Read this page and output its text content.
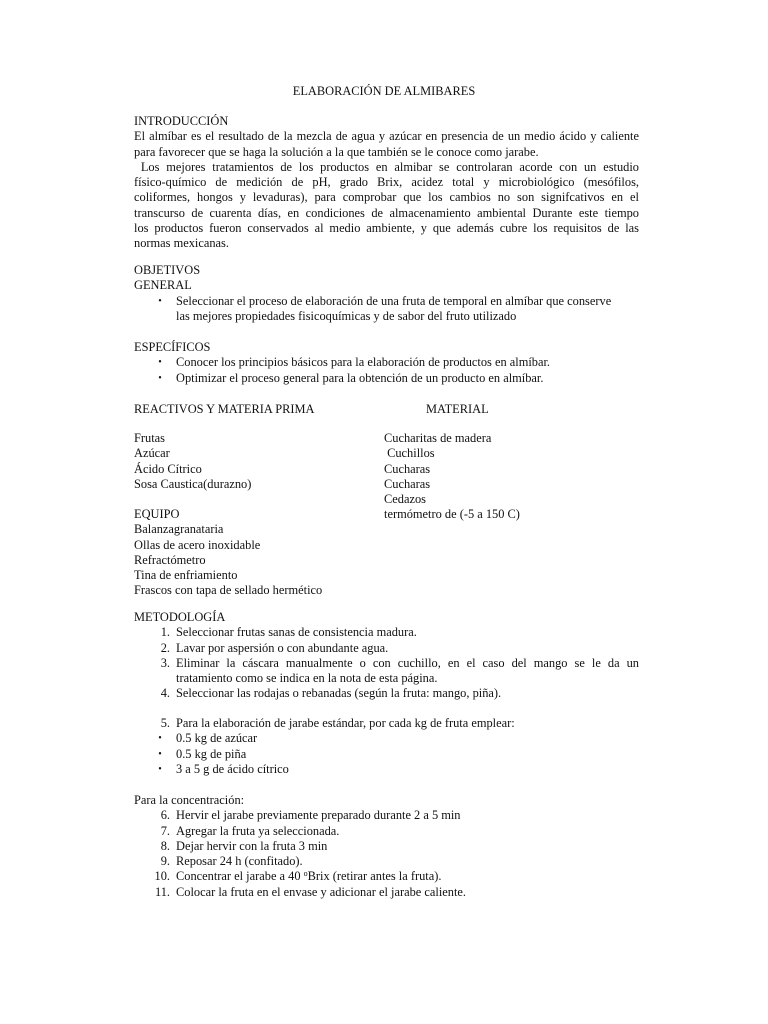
ELABORACIÓN DE ALMIBARES
INTRODUCCIÓN
El almíbar es el resultado de la mezcla de agua y azúcar en presencia de un medio ácido y caliente para favorecer que se haga la solución a la que también se le conoce como jarabe.
Los mejores tratamientos de los productos en almibar se controlaran acorde con un estudio
físico-químico de medición de pH, grado Brix, acidez total y microbiológico (mesófilos,
coliformes, hongos y levaduras), para comprobar que los cambios no son signifcativos en el
transcurso de cuarenta días, en condiciones de almacenamiento ambiental Durante este tiempo
los productos fueron conservados al medio ambiente, y que además cubre los requisitos de las
normas mexicanas.
OBJETIVOS
GENERAL
• Seleccionar el proceso de elaboración de una fruta de temporal en almíbar que conserve
las mejores propiedades fisicoquímicas y de sabor del fruto utilizado
ESPECÍFICOS
• Conocer los principios básicos para la elaboración de productos en almíbar.
• Optimizar el proceso general para la obtención de un producto en almíbar.
REACTIVOS Y MATERIA PRIMA	MATERIAL
Frutas
Azúcar
Ácido Cítrico
Sosa Caustica(durazno)
Cucharitas de madera
Cuchillos
Cucharas
Cucharas
Cedazos
termómetro de (-5 a 150 C)
EQUIPO
Balanzagranataria
Ollas de acero inoxidable
Refractómetro
Tina de enfriamiento
Frascos con tapa de sellado hermético
METODOLOGÍA
1. Seleccionar frutas sanas de consistencia madura.
2. Lavar por aspersión o con abundante agua.
3. Eliminar la cáscara manualmente o con cuchillo, en el caso del mango se le da un
tratamiento como se indica en la nota de esta página.
4. Seleccionar las rodajas o rebanadas (según la fruta: mango, piña).
5. Para la elaboración de jarabe estándar, por cada kg de fruta emplear:
• 0.5 kg de azúcar
• 0.5 kg de piña
• 3 a 5 g de ácido cítrico
Para la concentración:
6. Hervir el jarabe previamente preparado durante 2 a 5 min
7. Agregar la fruta ya seleccionada.
8. Dejar hervir con la fruta 3 min
9. Reposar 24 h (confitado).
10. Concentrar el jarabe a 40 $^o$Brix (retirar antes la fruta).
11. Colocar la fruta en el envase y adicionar el jarabe caliente.
